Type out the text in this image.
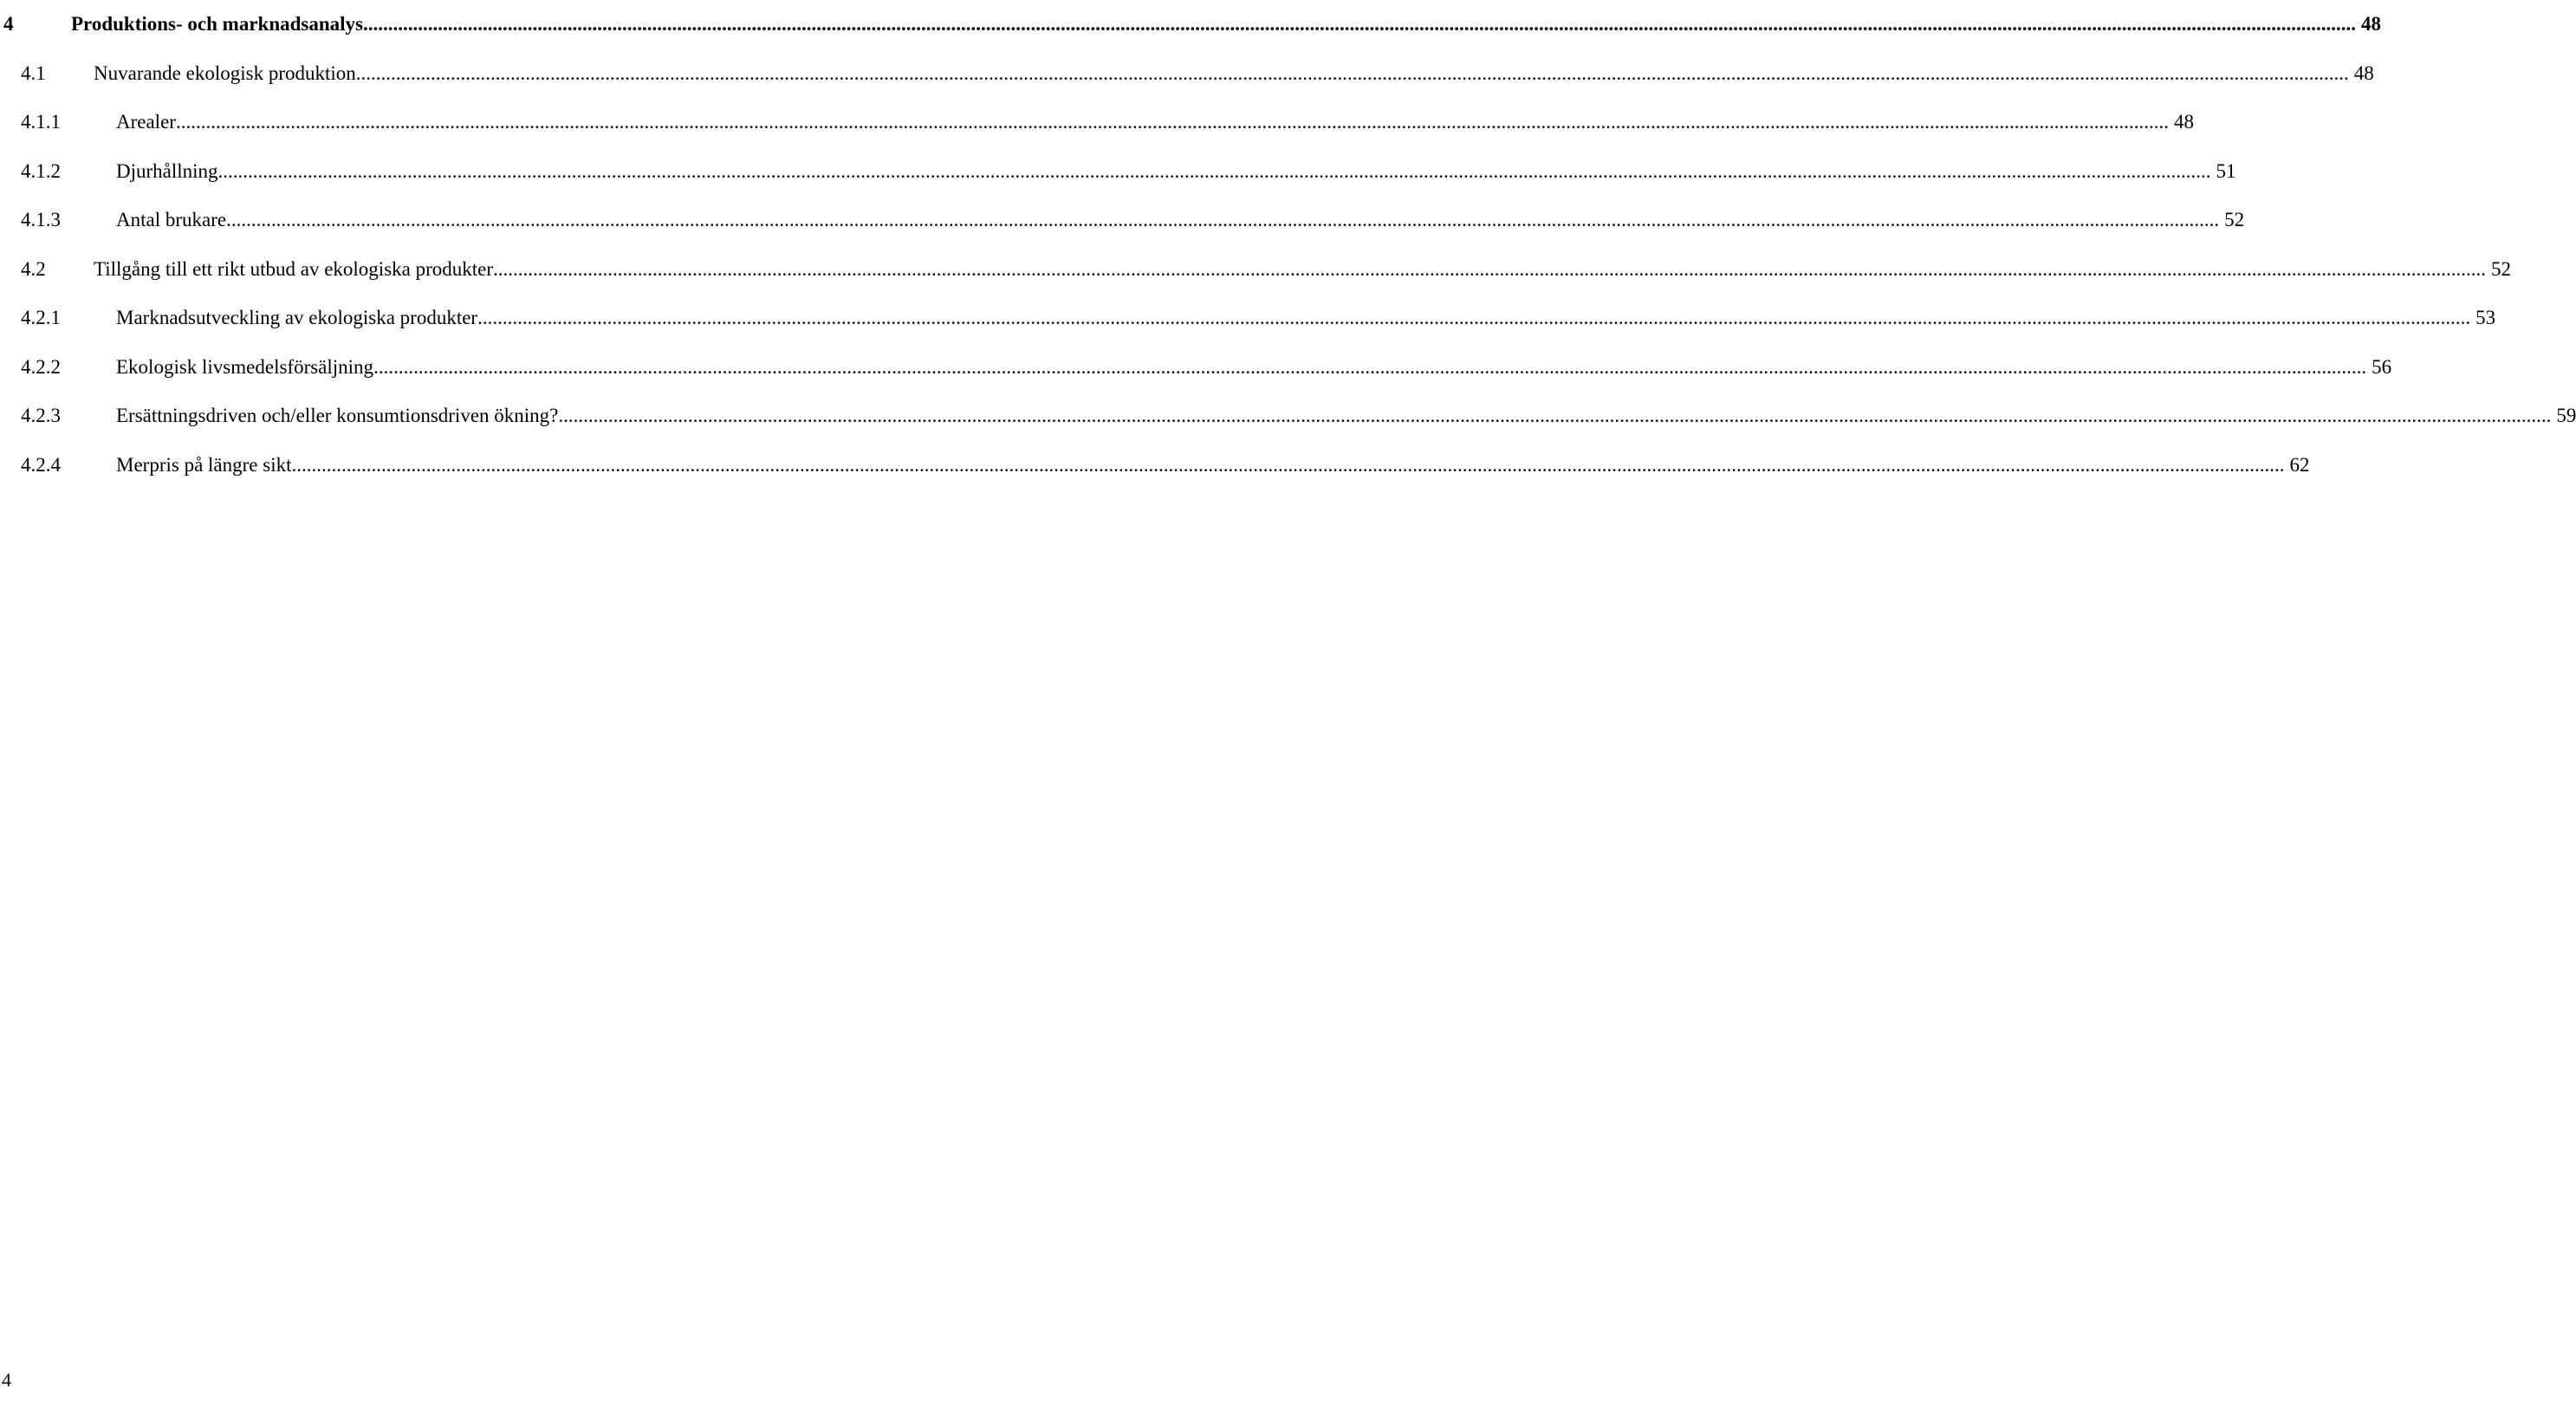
4	Produktions- och marknadsanalys ................................................................................................................................................................................................................................................................................................................................................................................................................ 48
4.1 Nuvarande ekologisk produktion ................................................................................................................................................................................................................................................................................................................................................................................................................ 48
4.1.1	Arealer ................................................................................................................................................................................................................................................................................................................................................................................................................ 48
4.1.2	Djurhållning ................................................................................................................................................................................................................................................................................................................................................................................................................ 51
4.1.3	Antal brukare ................................................................................................................................................................................................................................................................................................................................................................................................................ 52
4.2 Tillgång till ett rikt utbud av ekologiska produkter ................................................................................................................................................................................................................................................................................................................................................................................................................ 52
4.2.1	Marknadsutveckling av ekologiska produkter ................................................................................................................................................................................................................................................................................................................................................................................................................ 53
4.2.2	Ekologisk livsmedelsförsäljning ................................................................................................................................................................................................................................................................................................................................................................................................................ 56
4.2.3	Ersättningsdriven och/eller konsumtionsdriven ökning? ................................................................................................................................................................................................................................................................................................................................................................................................................ 59
4.2.4	Merpris på längre sikt ................................................................................................................................................................................................................................................................................................................................................................................................................ 62
4
